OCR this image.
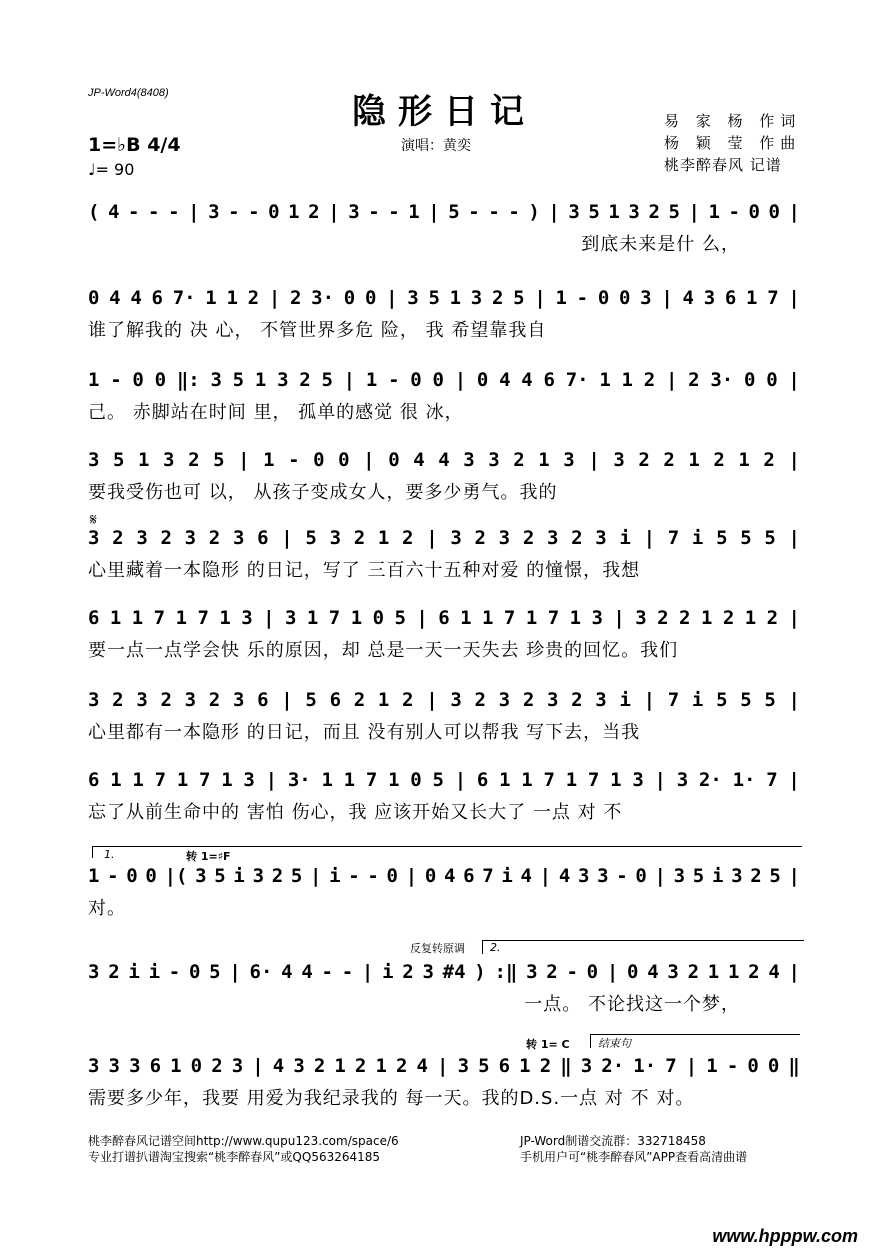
JP-Word4(8408)	隐形日记
演唱：黄奕
易 家 杨 作词
杨 颖 莹 作曲
桃李醉春风 记谱
1=♭B 4/4
♩= 90
( 4 - - - | 3 - - 0 1 2 | 3 - - 1 | 5 - - - ) | 3 5 1 3 2 5 | 1 - 0 0 |
到底未来是什 么，
0 4 4 6 7· 1 1 2 | 2 3· 0 0 | 3 5 1 3 2 5 | 1 - 0 0 3 | 4 3 6 1 7 |
谁了解我的 决 心， 不管世界多危 险， 我 希望靠我自
1 - 0 0 ‖: 3 5 1 3 2 5 | 1 - 0 0 | 0 4 4 6 7· 1 1 2 | 2 3· 0 0 |
己。 赤脚站在时间 里， 孤单的感觉 很 冰，
3 5 1 3 2 5 | 1 - 0 0 | 0 4 4 3 3 2 1 3 | 3 2 2 1 2 1 2 |
要我受伤也可 以， 从孩子变成女人，要多少勇气。我的
3 2 3 2 3 2 3 6 | 5 3 2 1 2 | 3 2 3 2 3 2 3 i | 7 i 5 5 5 |
心里藏着一本隐形 的日记，写了 三百六十五种对爱 的憧憬，我想
6 1 1 7 1 7 1 3 | 3 1 7 1 0 5 | 6 1 1 7 1 7 1 3 | 3 2 2 1 2 1 2 |
要一点一点学会快 乐的原因，却 总是一天一天失去 珍贵的回忆。我们
3 2 3 2 3 2 3 6 | 5 6 2 1 2 | 3 2 3 2 3 2 3 i | 7 i 5 5 5 |
心里都有一本隐形 的日记，而且 没有别人可以帮我 写下去，当我
6 1 1 7 1 7 1 3 | 3· 1 1 7 1 0 5 | 6 1 1 7 1 7 1 3 | 3 2· 1· 7 |
忘了从前生命中的 害怕 伤心，我 应该开始又长大了 一点 对 不
1 - 0 0 |( 3 5 i 3 2 5 | i - - 0 | 0 4 6 7 i 4 | 4 3 3 - 0 | 3 5 i 3 2 5 |
对。
3 2 i i - 0 5 | 6· 4 4 - - | i 2 3 #4 ) :‖ 3 2 - 0 | 0 4 3 2 1 1 2 4 |
一点。 不论找这一个梦，
3 3 3 6 1 0 2 3 | 4 3 2 1 2 1 2 4 | 3 5 6 1 2 ‖ 3 2· 1· 7 | 1 - 0 0 ‖
需要多少年，我要 用爱为我纪录我的 每一天。我的D.S.一点 对 不 对。
𝄋
1.	转 1=♯F
2.
反复转原调
结束句
转 1= C
桃李醉春风记谱空间http://www.qupu123.com/space/6
专业打谱扒谱淘宝搜索“桃李醉春风”或QQ563264185
JP-Word制谱交流群：332718458
手机用户可“桃李醉春风”APP查看高清曲谱
www.hpppw.com
